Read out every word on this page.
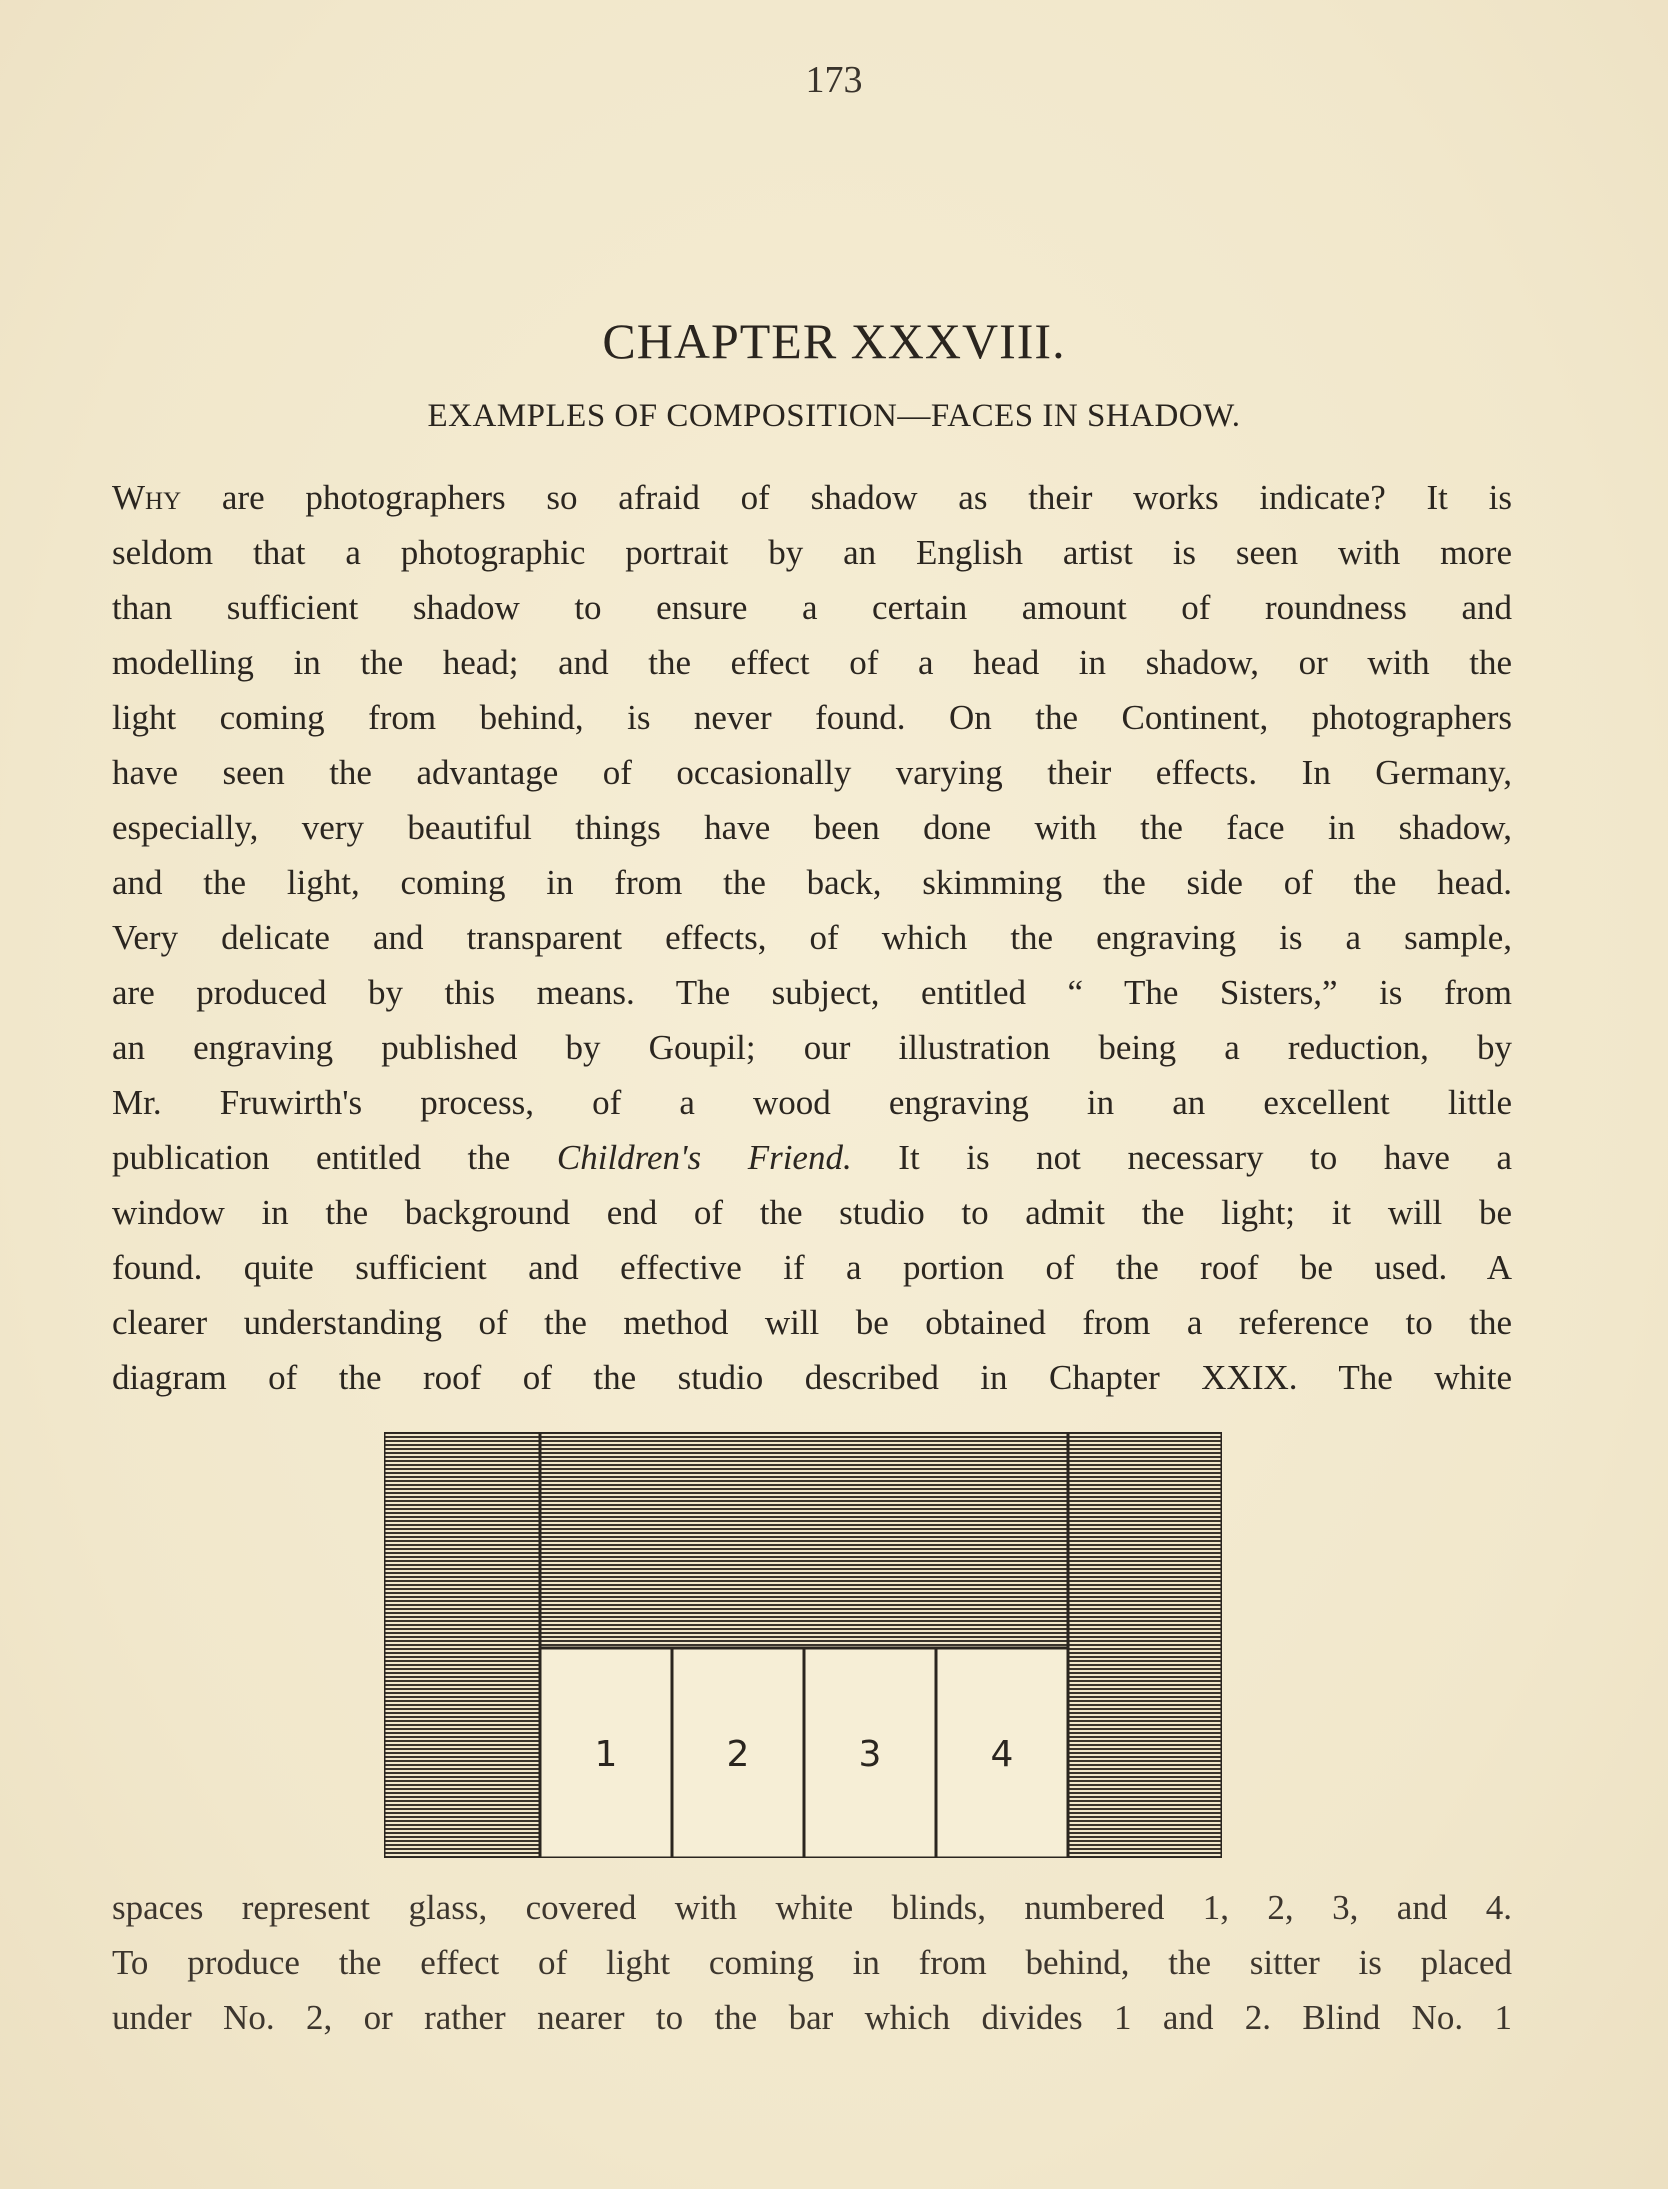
173
CHAPTER XXXVIII.
EXAMPLES OF COMPOSITION—FACES IN SHADOW.
Why are photographers so afraid of shadow as their works indicate? It is
seldom that a photographic portrait by an English artist is seen with more
than sufficient shadow to ensure a certain amount of roundness and
modelling in the head; and the effect of a head in shadow, or with the
light coming from behind, is never found. On the Continent, photographers
have seen the advantage of occasionally varying their effects. In Germany,
especially, very beautiful things have been done with the face in shadow,
and the light, coming in from the back, skimming the side of the head.
Very delicate and transparent effects, of which the engraving is a sample,
are produced by this means. The subject, entitled “ The Sisters,” is from
an engraving published by Goupil; our illustration being a reduction, by
Mr. Fruwirth's process, of a wood engraving in an excellent little
publication entitled the Children's Friend. It is not necessary to have a
window in the background end of the studio to admit the light; it will be
found. quite sufficient and effective if a portion of the roof be used. A
clearer understanding of the method will be obtained from a reference to the
diagram of the roof of the studio described in Chapter XXIX. The white
1	2	3	4
spaces represent glass, covered with white blinds, numbered 1, 2, 3, and 4.
To produce the effect of light coming in from behind, the sitter is placed
under No. 2, or rather nearer to the bar which divides 1 and 2. Blind No. 1
